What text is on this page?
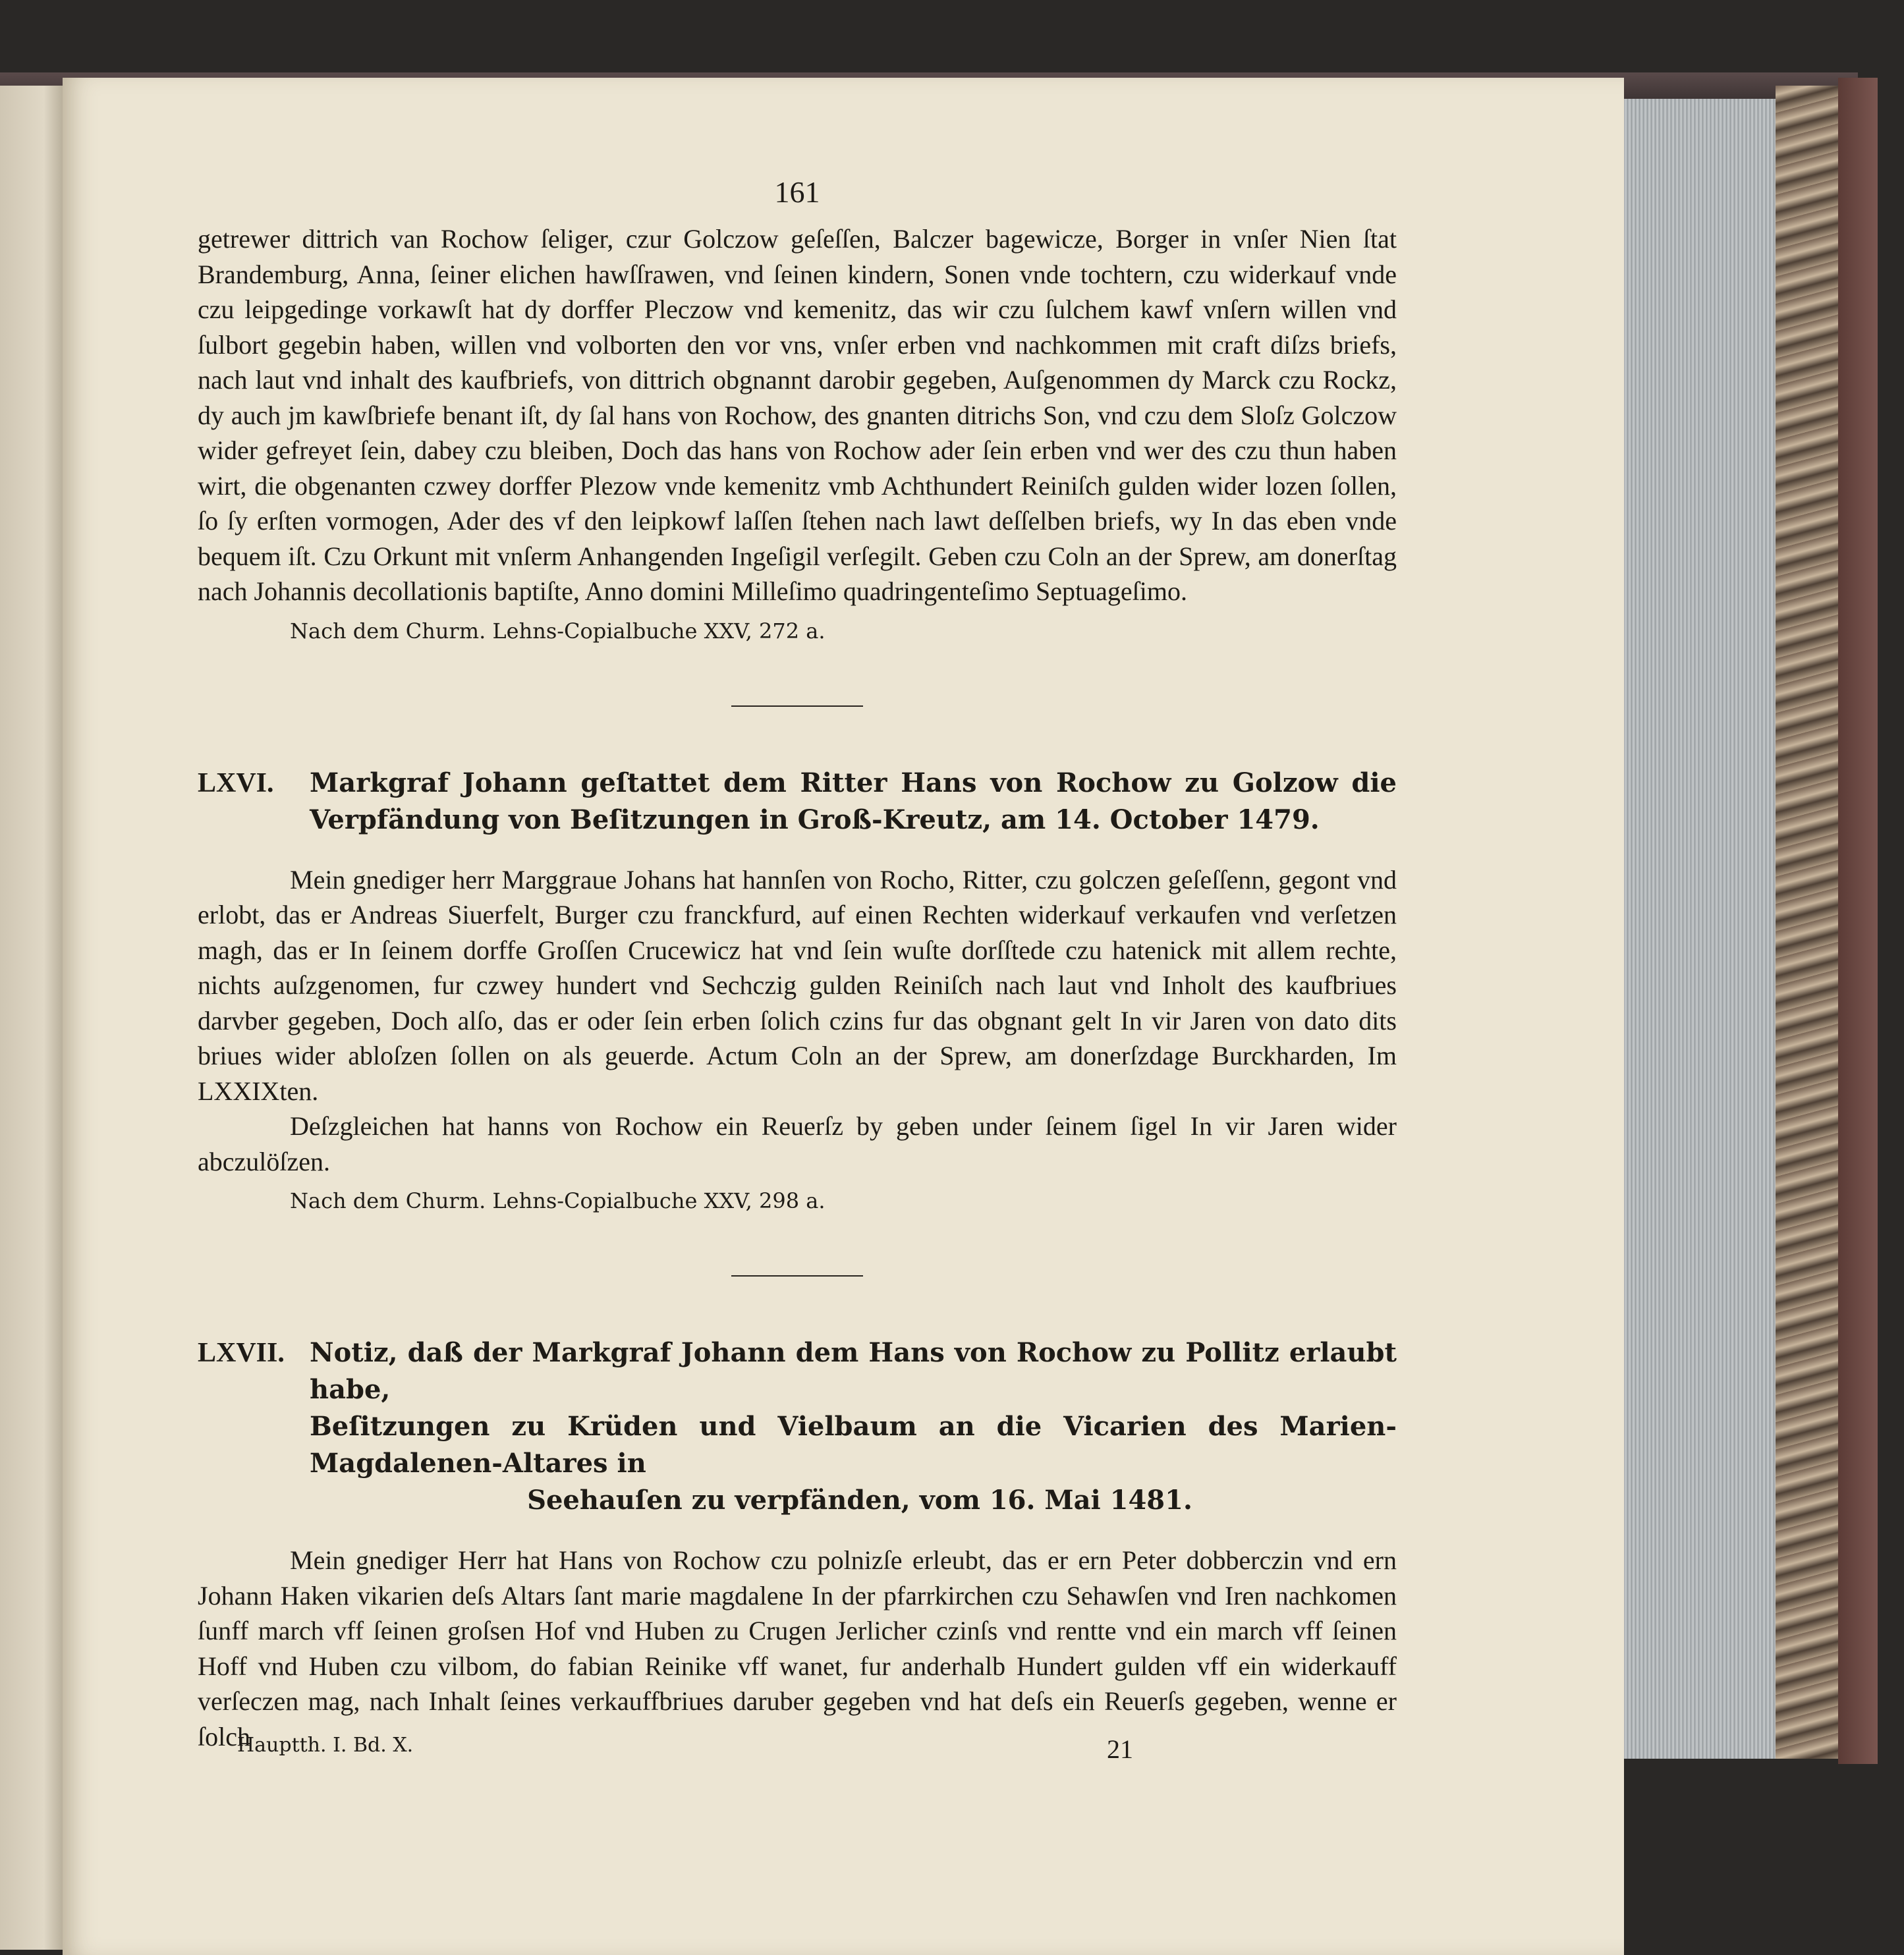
161

getrewer dittrich van Rochow ſeliger, czur Golczow geſeſſen, Balczer bagewicze, Borger in vnſer Nien ſtat Brandemburg, Anna, ſeiner elichen hawſſrawen, vnd ſeinen kindern, Sonen vnde tochtern, czu widerkauf vnde czu leipgedinge vorkawſt hat dy dorffer Pleczow vnd kemenitz, das wir czu ſulchem kawf vnſern willen vnd ſulbort gegebin haben, willen vnd volborten den vor vns, vnſer erben vnd nachkommen mit craft diſzs briefs, nach laut vnd inhalt des kaufbriefs, von dittrich obgnannt darobir gegeben, Auſgenommen dy Marck czu Rockz, dy auch jm kawſbriefe benant iſt, dy ſal hans von Rochow, des gnanten ditrichs Son, vnd czu dem Sloſz Golczow wider gefreyet ſein, dabey czu bleiben, Doch das hans von Rochow ader ſein erben vnd wer des czu thun haben wirt, die obgenanten czwey dorffer Plezow vnde kemenitz vmb Achthundert Reiniſch gulden wider lozen ſollen, ſo ſy erſten vormogen, Ader des vf den leipkowf laſſen ſtehen nach lawt deſſelben briefs, wy In das eben vnde bequem iſt. Czu Orkunt mit vnſerm Anhangenden Ingeſigil verſegilt. Geben czu Coln an der Sprew, am donerſtag nach Johannis decollationis baptiſte, Anno domini Milleſimo quadringenteſimo Septuageſimo.

Nach dem Churm. Lehns-Copialbuche XXV, 272 a.
LXVI. Markgraf Johann geſtattet dem Ritter Hans von Rochow zu Golzow die Verpfändung von Beſitzungen in Groß-Kreutz, am 14. October 1479.

Mein gnediger herr Marggraue Johans hat hannſen von Rocho, Ritter, czu golczen geſeſſenn, gegont vnd erlobt, das er Andreas Siuerfelt, Burger czu franckfurd, auf einen Rechten widerkauf verkaufen vnd verſetzen magh, das er In ſeinem dorffe Groſſen Crucewicz hat vnd ſein wuſte dorſſtede czu hatenick mit allem rechte, nichts auſzgenomen, fur czwey hundert vnd Sechczig gulden Reiniſch nach laut vnd Inholt des kaufbriues darvber gegeben, Doch alſo, das er oder ſein erben ſolich czins fur das obgnant gelt In vir Jaren von dato dits briues wider abloſzen ſollen on als geuerde. Actum Coln an der Sprew, am donerſzdage Burckharden, Im LXXIXten.

Deſzgleichen hat hanns von Rochow ein Reuerſz by geben under ſeinem ſigel In vir Jaren wider abczulöſzen.

Nach dem Churm. Lehns-Copialbuche XXV, 298 a.
LXVII. Notiz, daß der Markgraf Johann dem Hans von Rochow zu Pollitz erlaubt habe,
Beſitzungen zu Krüden und Vielbaum an die Vicarien des Marien-Magdalenen-Altares in
Seehauſen zu verpfänden, vom 16. Mai 1481.

Mein gnediger Herr hat Hans von Rochow czu polnizſe erleubt, das er ern Peter dobberczin vnd ern Johann Haken vikarien deſs Altars ſant marie magdalene In der pfarrkirchen czu Sehawſen vnd Iren nachkomen ſunff march vff ſeinen groſsen Hof vnd Huben zu Crugen Jerlicher czinſs vnd rentte vnd ein march vff ſeinen Hoff vnd Huben czu vilbom, do fabian Reinike vff wanet, fur anderhalb Hundert gulden vff ein widerkauff verſeczen mag, nach Inhalt ſeines verkauffbriues daruber gegeben vnd hat deſs ein Reuerſs gegeben, wenne er ſolch

Hauptth. I. Bd. X.	21
